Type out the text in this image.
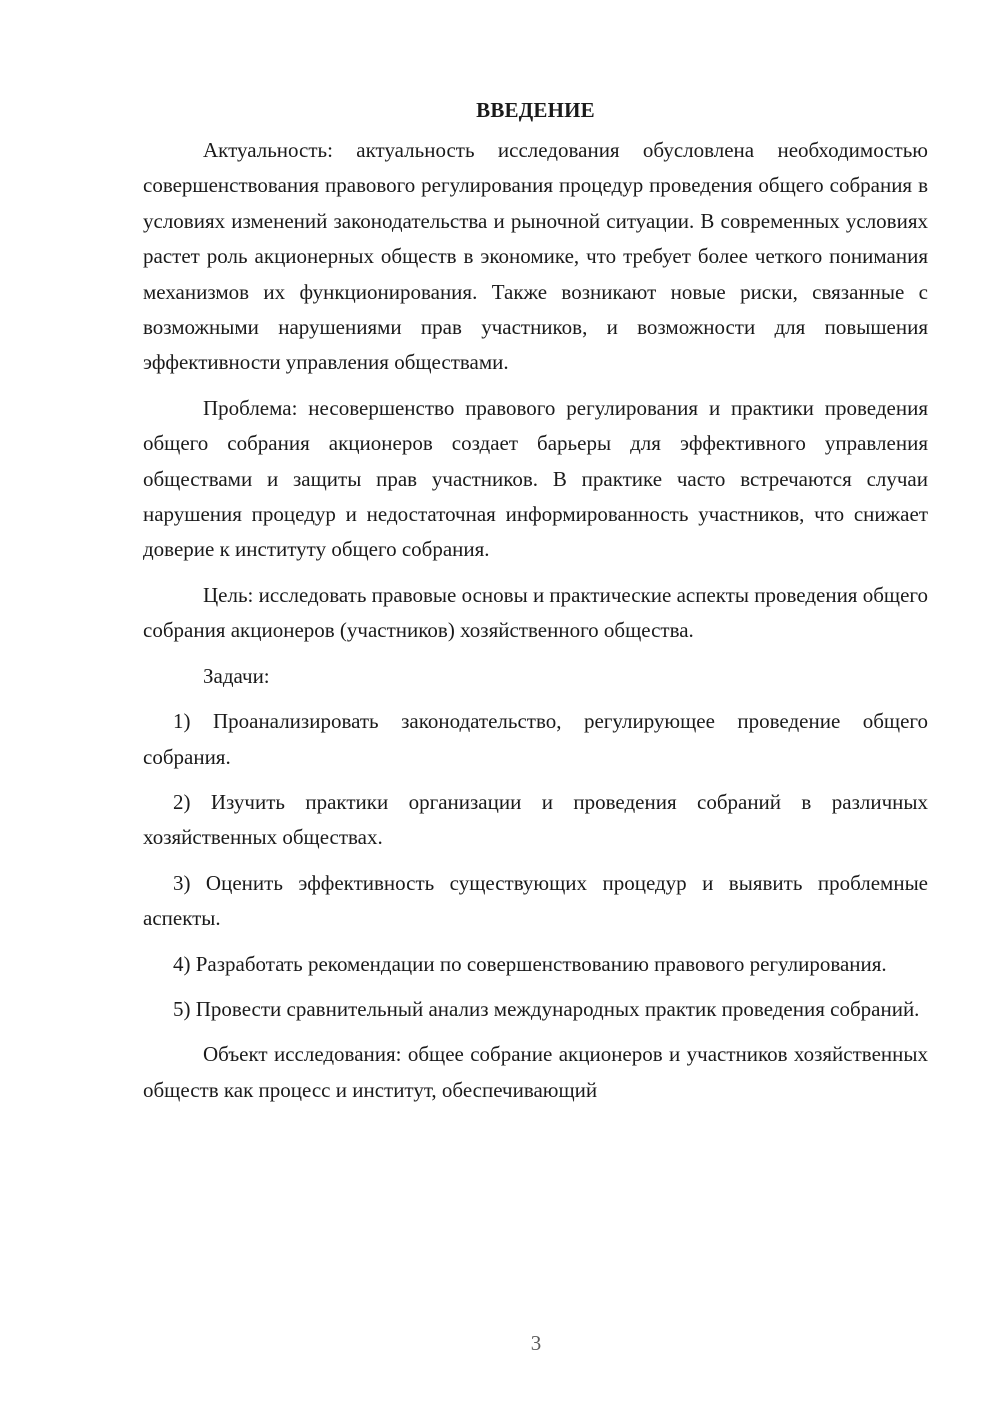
ВВЕДЕНИЕ

Актуальность: актуальность исследования обусловлена необходимостью совершенствования правового регулирования процедур проведения общего собрания в условиях изменений законодательства и рыночной ситуации. В современных условиях растет роль акционерных обществ в экономике, что требует более четкого понимания механизмов их функционирования. Также возникают новые риски, связанные с возможными нарушениями прав участников, и возможности для повышения эффективности управления обществами.

Проблема: несовершенство правового регулирования и практики проведения общего собрания акционеров создает барьеры для эффективного управления обществами и защиты прав участников. В практике часто встречаются случаи нарушения процедур и недостаточная информированность участников, что снижает доверие к институту общего собрания.

Цель: исследовать правовые основы и практические аспекты проведения общего собрания акционеров (участников) хозяйственного общества.

Задачи:

1) Проанализировать законодательство, регулирующее проведение общего собрания.

2) Изучить практики организации и проведения собраний в различных хозяйственных обществах.

3) Оценить эффективность существующих процедур и выявить проблемные аспекты.

4) Разработать рекомендации по совершенствованию правового регулирования.

5) Провести сравнительный анализ международных практик проведения собраний.

Объект исследования: общее собрание акционеров и участников хозяйственных обществ как процесс и институт, обеспечивающий

3
